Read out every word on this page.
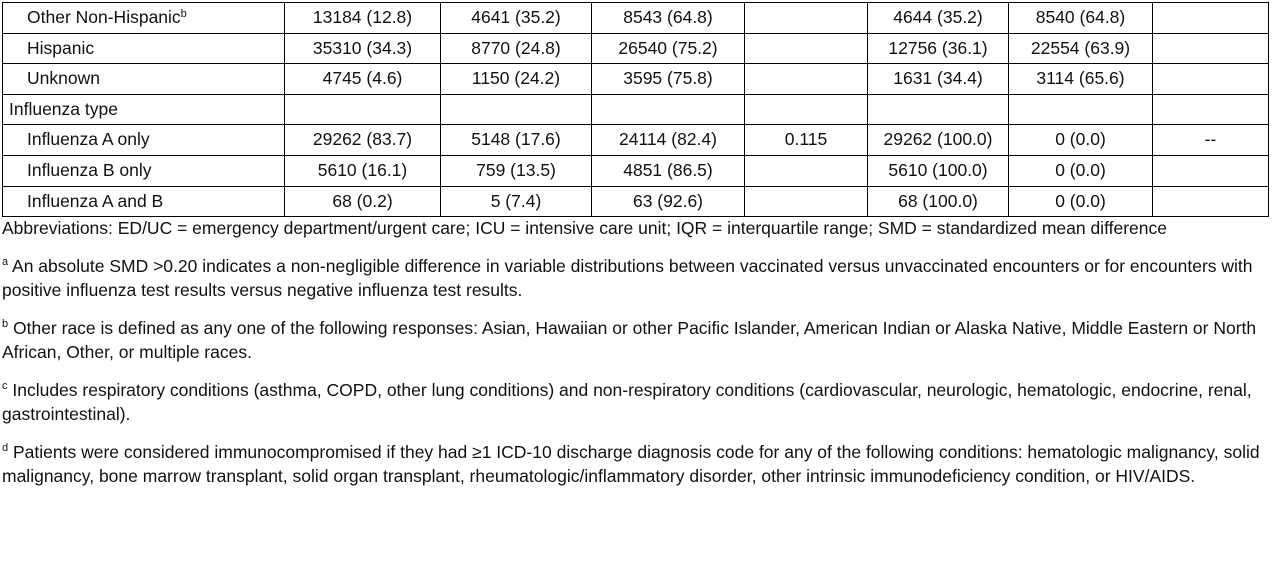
Other Non-Hispanic$^b$	13184 (12.8)	4641 (35.2)	8543 (64.8)		4644 (35.2)	8540 (64.8)	
Hispanic	35310 (34.3)	8770 (24.8)	26540 (75.2)		12756 (36.1)	22554 (63.9)	
Unknown	4745 (4.6)	1150 (24.2)	3595 (75.8)		1631 (34.4)	3114 (65.6)	
Influenza type							
Influenza A only	29262 (83.7)	5148 (17.6)	24114 (82.4)	0.115	29262 (100.0)	0 (0.0)	--
Influenza B only	5610 (16.1)	759 (13.5)	4851 (86.5)		5610 (100.0)	0 (0.0)	
Influenza A and B	68 (0.2)	5 (7.4)	63 (92.6)		68 (100.0)	0 (0.0)	

Abbreviations: ED/UC = emergency department/urgent care; ICU = intensive care unit; IQR = interquartile range; SMD = standardized mean difference

$^a$ An absolute SMD >0.20 indicates a non-negligible difference in variable distributions between vaccinated versus unvaccinated encounters or for encounters with positive influenza test results versus negative influenza test results.

$^b$ Other race is defined as any one of the following responses: Asian, Hawaiian or other Pacific Islander, American Indian or Alaska Native, Middle Eastern or North African, Other, or multiple races.

$^c$ Includes respiratory conditions (asthma, COPD, other lung conditions) and non-respiratory conditions (cardiovascular, neurologic, hematologic, endocrine, renal, gastrointestinal).

$^d$ Patients were considered immunocompromised if they had ≥1 ICD-10 discharge diagnosis code for any of the following conditions: hematologic malignancy, solid malignancy, bone marrow transplant, solid organ transplant, rheumatologic/inflammatory disorder, other intrinsic immunodeficiency condition, or HIV/AIDS.
